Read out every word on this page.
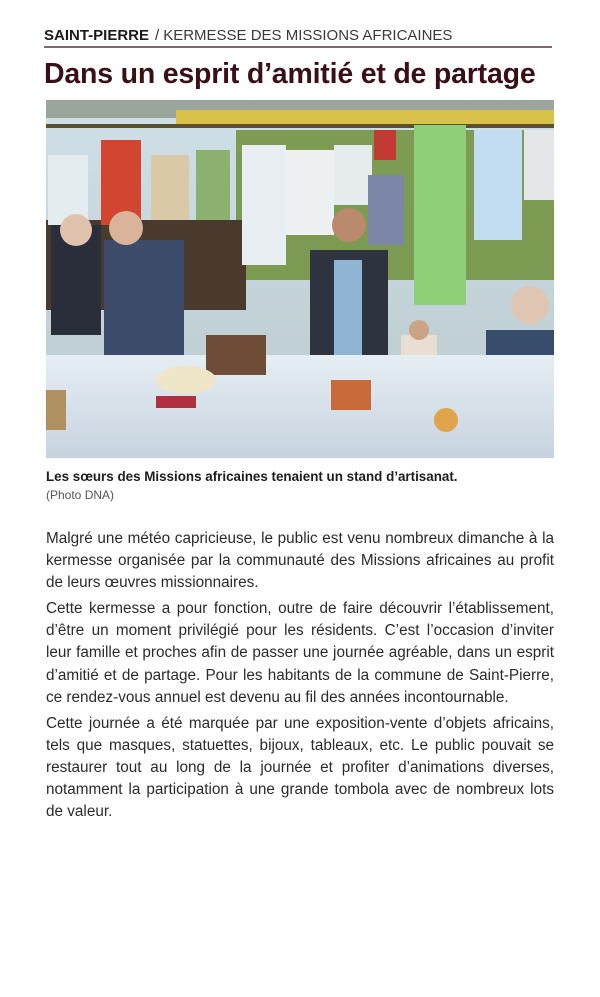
SAINT-PIERRE / KERMESSE DES MISSIONS AFRICAINES
Dans un esprit d’amitié et de partage
Les sœurs des Missions africaines tenaient un stand d’artisanat.
(Photo DNA)

Malgré une météo capricieuse, le public est venu nombreux dimanche à la kermesse organisée par la communauté des Missions africaines au profit de leurs œuvres missionnaires.

Cette kermesse a pour fonction, outre de faire découvrir l’établissement, d’être un moment privilégié pour les résidents. C’est l’occasion d’inviter leur famille et proches afin de passer une journée agréable, dans un esprit d’amitié et de partage. Pour les habitants de la commune de Saint-Pierre, ce rendez-vous annuel est devenu au fil des années incontournable.

Cette journée a été marquée par une exposition-vente d’objets africains, tels que masques, statuettes, bijoux, tableaux, etc. Le public pouvait se restaurer tout au long de la journée et profiter d’animations diverses, notamment la participation à une grande tombola avec de nombreux lots de valeur.
